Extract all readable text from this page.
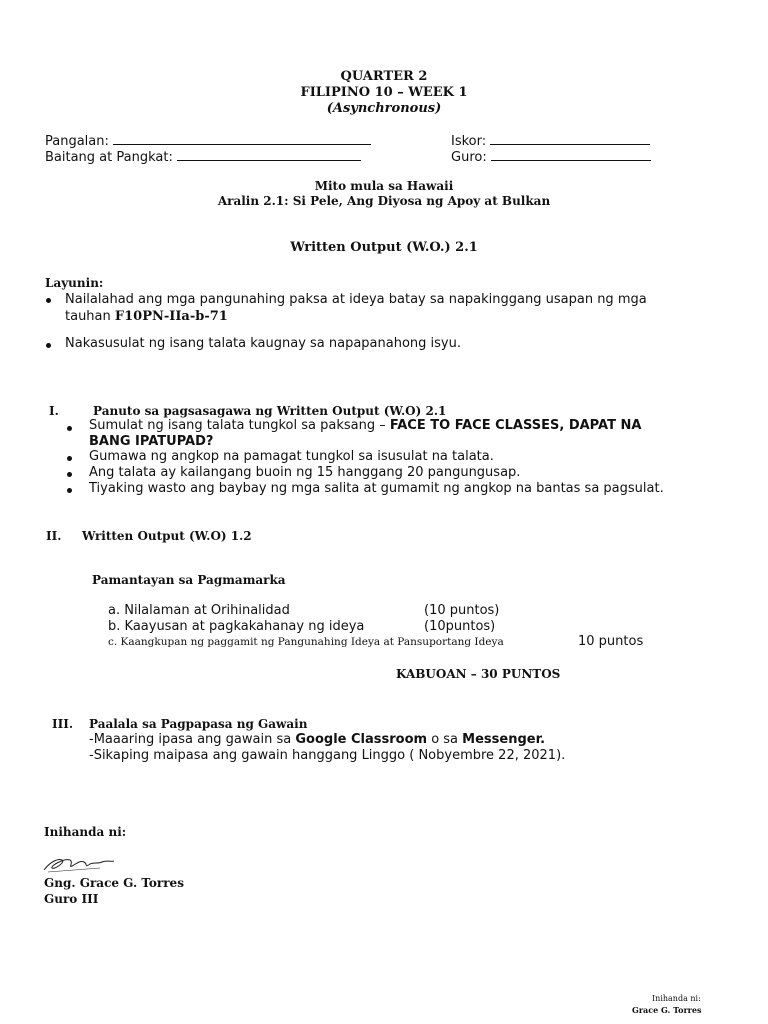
QUARTER 2
FILIPINO 10 – WEEK 1
(Asynchronous)
Pangalan:
Baitang at Pangkat:
Iskor:
Guro:
Mito mula sa Hawaii
Aralin 2.1: Si Pele, Ang Diyosa ng Apoy at Bulkan
Written Output (W.O.) 2.1
Layunin:
Nailalahad ang mga pangunahing paksa at ideya batay sa napakinggang usapan ng mga
tauhan F10PN-IIa-b-71
Nakasusulat ng isang talata kaugnay sa napapanahong isyu.
I.	Panuto sa pagsasagawa ng Written Output (W.O) 2.1
Sumulat ng isang talata tungkol sa paksang – FACE TO FACE CLASSES, DAPAT NA
BANG IPATUPAD?
Gumawa ng angkop na pamagat tungkol sa isusulat na talata.
Ang talata ay kailangang buoin ng 15 hanggang 20 pangungusap.
Tiyaking wasto ang baybay ng mga salita at gumamit ng angkop na bantas sa pagsulat.
II. Written Output (W.O) 1.2
Pamantayan sa Pagmamarka
a. Nilalaman at Orihinalidad	(10 puntos)
b. Kaayusan at pagkakahanay ng ideya	(10puntos)
c. Kaangkupan ng paggamit ng Pangunahing Ideya at Pansuportang Ideya	10 puntos
KABUOAN – 30 PUNTOS
III. Paalala sa Pagpapasa ng Gawain
-Maaaring ipasa ang gawain sa Google Classroom o sa Messenger.
-Sikaping maipasa ang gawain hanggang Linggo ( Nobyembre 22, 2021).
Inihanda ni:
Gng. Grace G. Torres
Guro III
Inihanda ni:
Grace G. Torres
